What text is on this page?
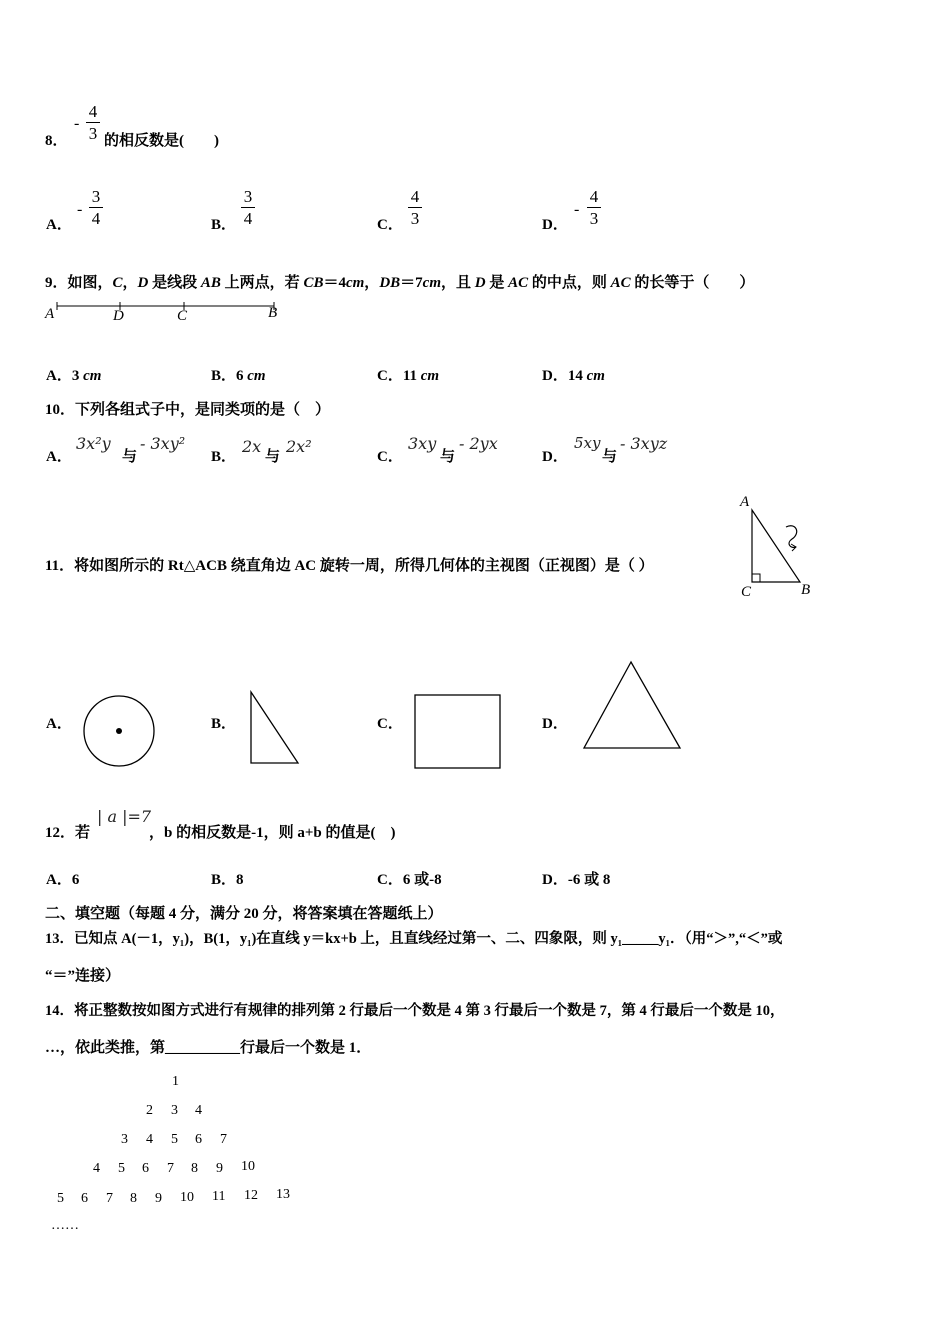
8．
-
4
3 的相反数是(　　)
A．
-
3
4	B．
3
4	C．
4
3	D．
-
4
3
9．如图，C，D 是线段 AB 上两点，若 CB＝4cm，DB＝7cm，且 D 是 AC 的中点，则 AC 的长等于（　　）
A	D	C	B
A．3 cm	B．6 cm	C．11 cm	D．14 cm
10．下列各组式子中，是同类项的是（　）
A．
3x²y
与
- 3xy²
B．
2x
与
2x²
C．
3xy
与
- 2yx
D．
5xy
与
- 3xyz
11．将如图所示的 Rt△ACB 绕直角边 AC 旋转一周，所得几何体的主视图（正视图）是（ ）
A
C	B
A．	B．	C．	D．
12．若
| a |=7
，b 的相反数是-1，则 a+b 的值是(　)
A．6	B．8	C．6 或-8	D．-6 或 8
二、填空题（每题 4 分，满分 20 分，将答案填在答题纸上）
13．已知点 A(－1，y₁)，B(1，y₁)在直线 y＝kx+b 上，且直线经过第一、二、四象限，则 y₁_____y₁．（用“＞”,“＜”或
“＝”连接）
14．将正整数按如图方式进行有规律的排列第 2 行最后一个数是 4 第 3 行最后一个数是 7，第 4 行最后一个数是 10，
…，依此类推，第__________行最后一个数是 1．
1
2 3 4
3 4 5 6 7
4 5 6 7 8 9 10
5 6 7 8 9 10 11 12 13
……
